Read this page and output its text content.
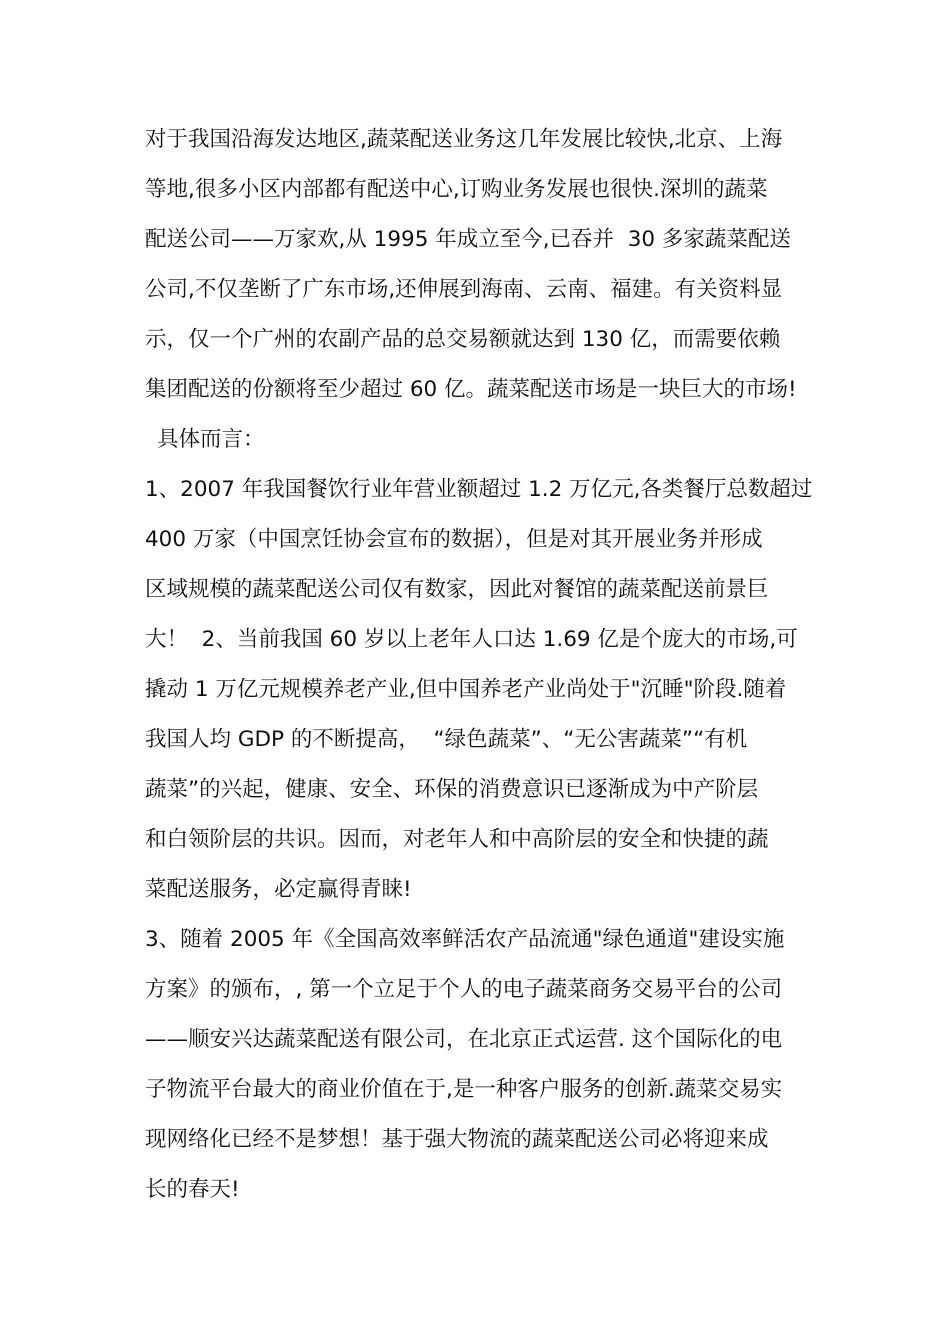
对于我国沿海发达地区,蔬菜配送业务这几年发展比较快,北京、上海
等地,很多小区内部都有配送中心,订购业务发展也很快.深圳的蔬菜
配送公司——万家欢,从 1995 年成立至今,已吞并  30 多家蔬菜配送
公司,不仅垄断了广东市场,还伸展到海南、云南、福建。有关资料显
示，仅一个广州的农副产品的总交易额就达到 130 亿，而需要依赖
集团配送的份额将至少超过 60 亿。蔬菜配送市场是一块巨大的市场!
具体而言：
1、2007 年我国餐饮行业年营业额超过 1.2 万亿元,各类餐厅总数超过
400 万家（中国烹饪协会宣布的数据），但是对其开展业务并形成
区域规模的蔬菜配送公司仅有数家，因此对餐馆的蔬菜配送前景巨
大！  2、当前我国 60 岁以上老年人口达 1.69 亿是个庞大的市场,可
撬动 1 万亿元规模养老产业,但中国养老产业尚处于"沉睡"阶段.随着
我国人均 GDP 的不断提高，  “绿色蔬菜”、“无公害蔬菜”“有机
蔬菜”的兴起，健康、安全、环保的消费意识已逐渐成为中产阶层
和白领阶层的共识。因而，对老年人和中高阶层的安全和快捷的蔬
菜配送服务，必定赢得青睐!
3、随着 2005 年《全国高效率鲜活农产品流通"绿色通道"建设实施
方案》的颁布，, 第一个立足于个人的电子蔬菜商务交易平台的公司
——顺安兴达蔬菜配送有限公司，在北京正式运营. 这个国际化的电
子物流平台最大的商业价值在于,是一种客户服务的创新.蔬菜交易实
现网络化已经不是梦想！基于强大物流的蔬菜配送公司必将迎来成
长的春天!
